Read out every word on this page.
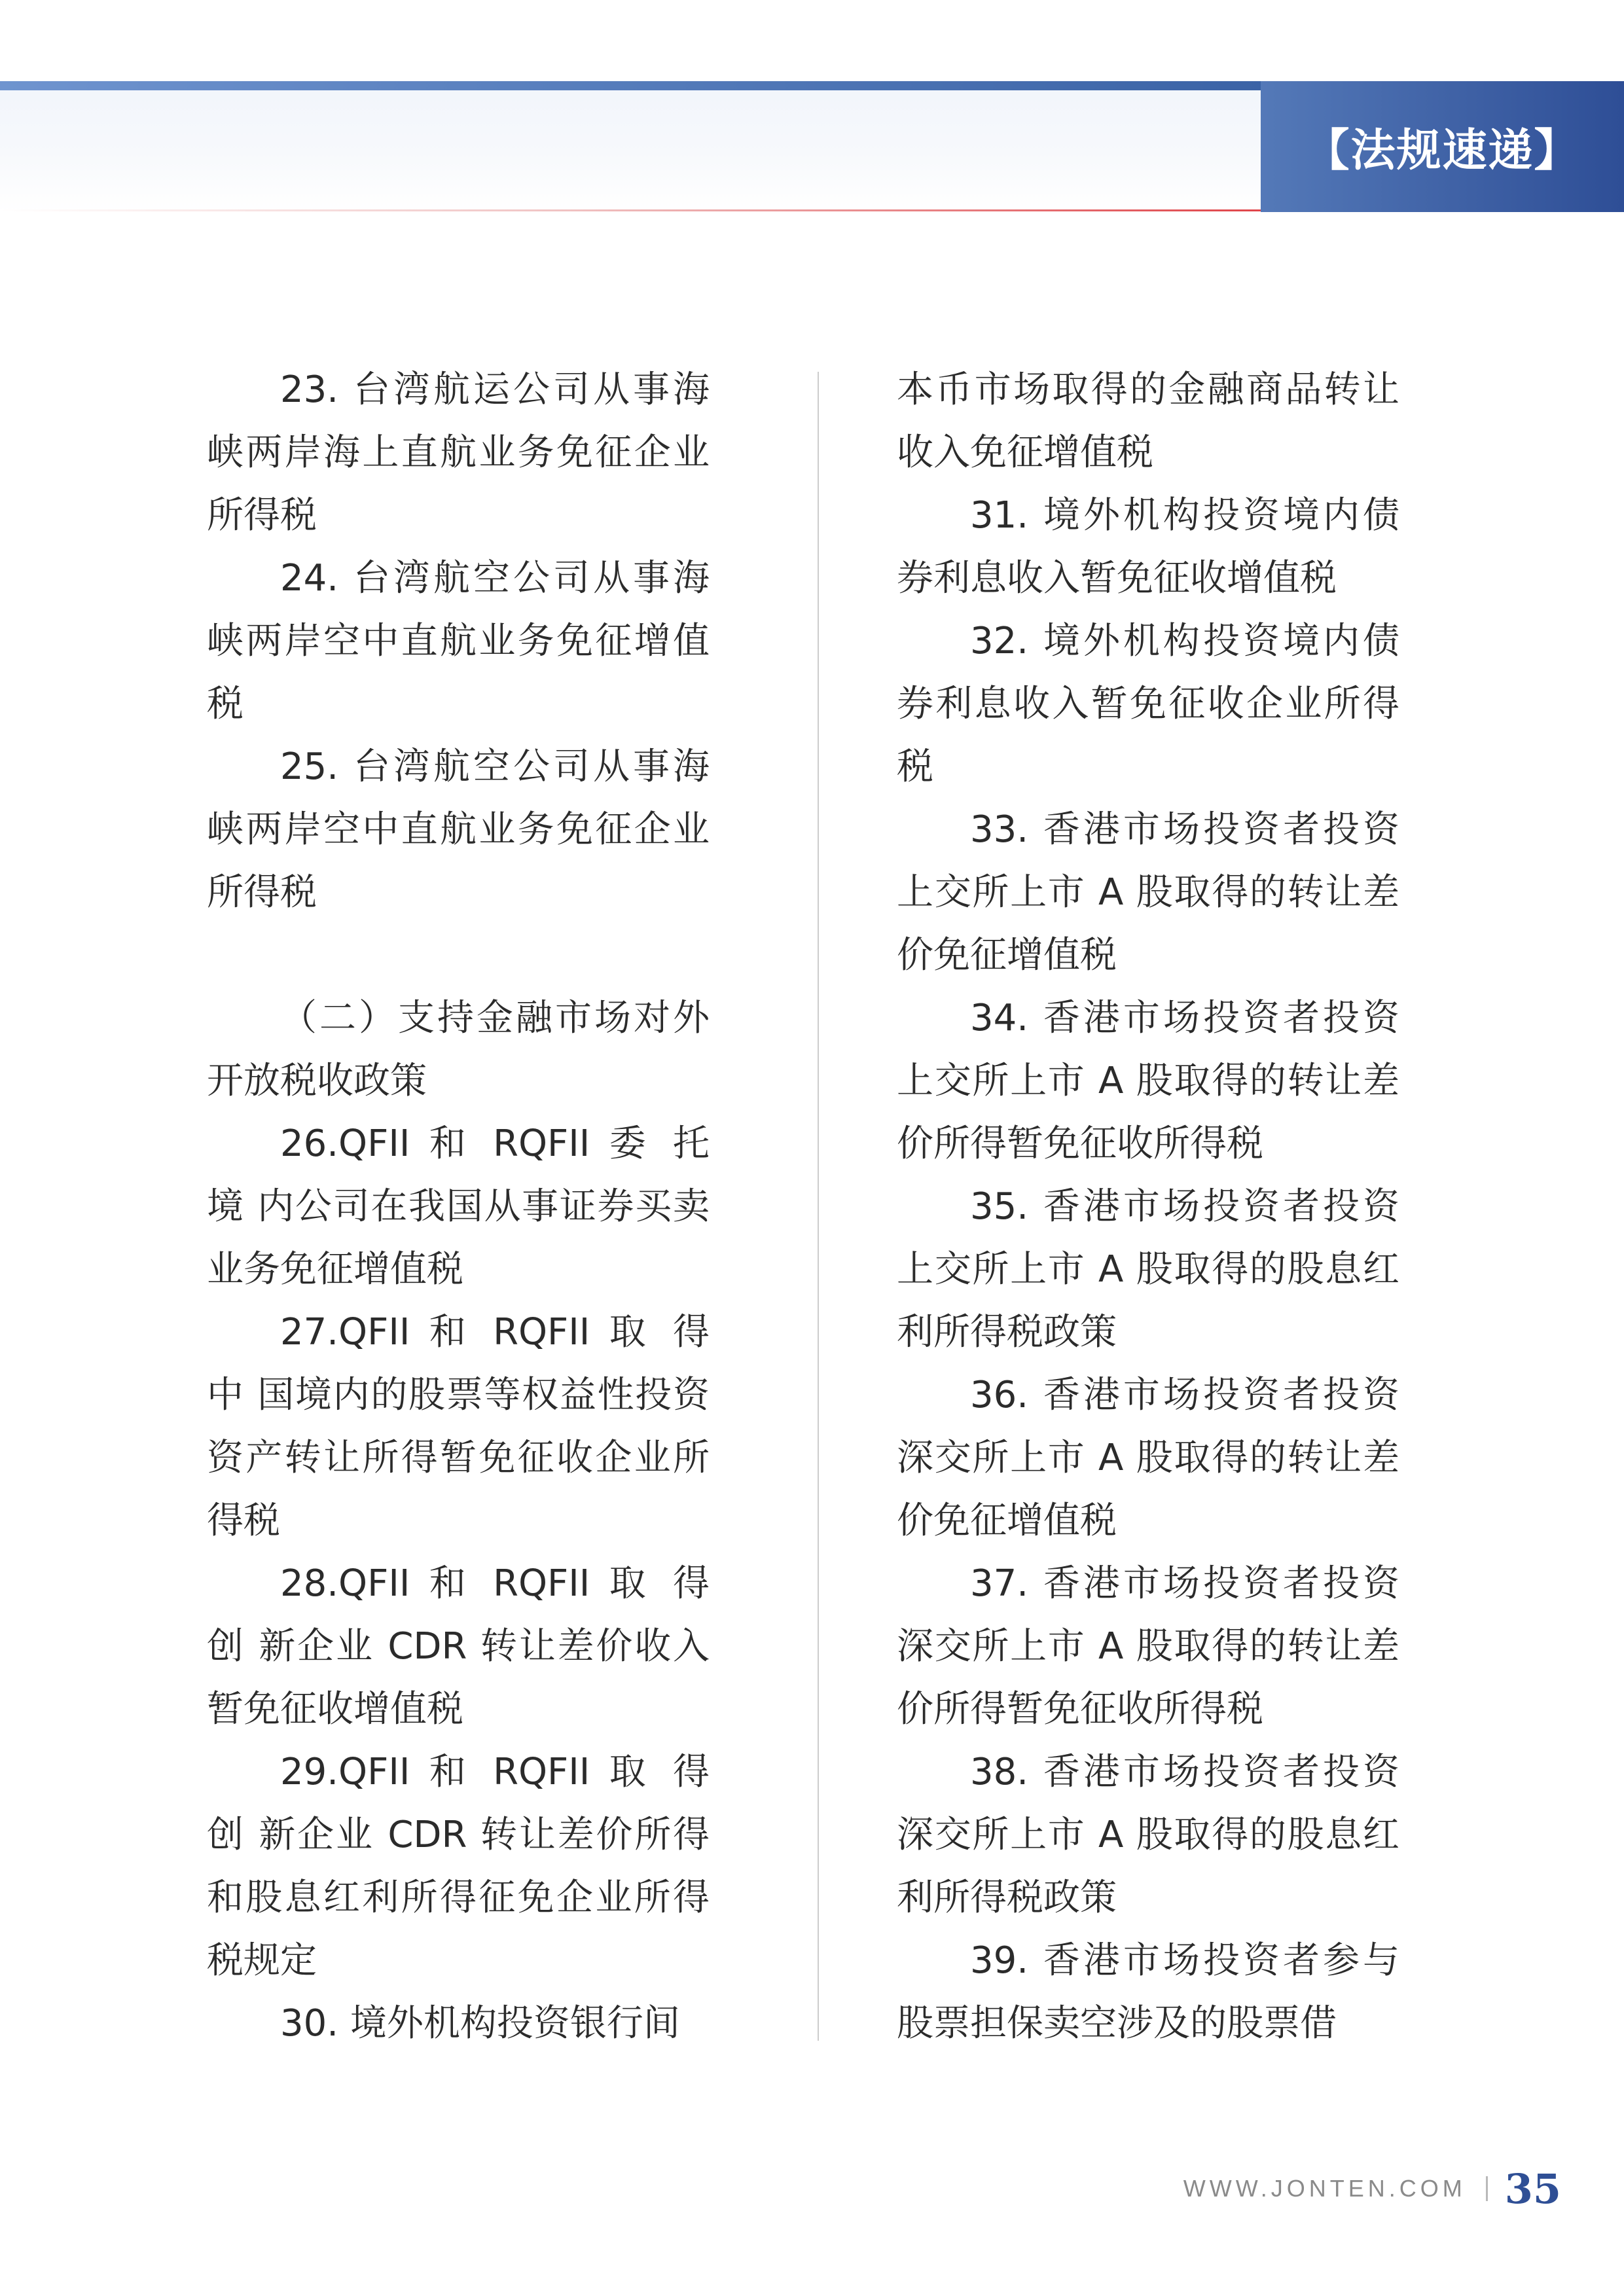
【法规速递】

23. 台湾航运公司从事海峡两岸海上直航业务免征企业所得税

24. 台湾航空公司从事海峡两岸空中直航业务免征增值税

25. 台湾航空公司从事海峡两岸空中直航业务免征企业所得税

（二）支持金融市场对外开放税收政策

26.QFII 和 RQFII 委 托 境 内公司在我国从事证券买卖业务免征增值税

27.QFII 和 RQFII 取 得 中 国境内的股票等权益性投资资产转让所得暂免征收企业所得税

28.QFII 和 RQFII 取 得 创 新企业 CDR 转让差价收入暂免征收增值税

29.QFII 和 RQFII 取 得 创 新企业 CDR 转让差价所得和股息红利所得征免企业所得税规定

30. 境外机构投资银行间

本币市场取得的金融商品转让收入免征增值税

31. 境外机构投资境内债券利息收入暂免征收增值税

32. 境外机构投资境内债券利息收入暂免征收企业所得税

33. 香港市场投资者投资上交所上市 A 股取得的转让差价免征增值税

34. 香港市场投资者投资上交所上市 A 股取得的转让差价所得暂免征收所得税

35. 香港市场投资者投资上交所上市 A 股取得的股息红利所得税政策

36. 香港市场投资者投资深交所上市 A 股取得的转让差价免征增值税

37. 香港市场投资者投资深交所上市 A 股取得的转让差价所得暂免征收所得税

38. 香港市场投资者投资深交所上市 A 股取得的股息红利所得税政策

39. 香港市场投资者参与股票担保卖空涉及的股票借

WWW.JONTEN.COM 35
